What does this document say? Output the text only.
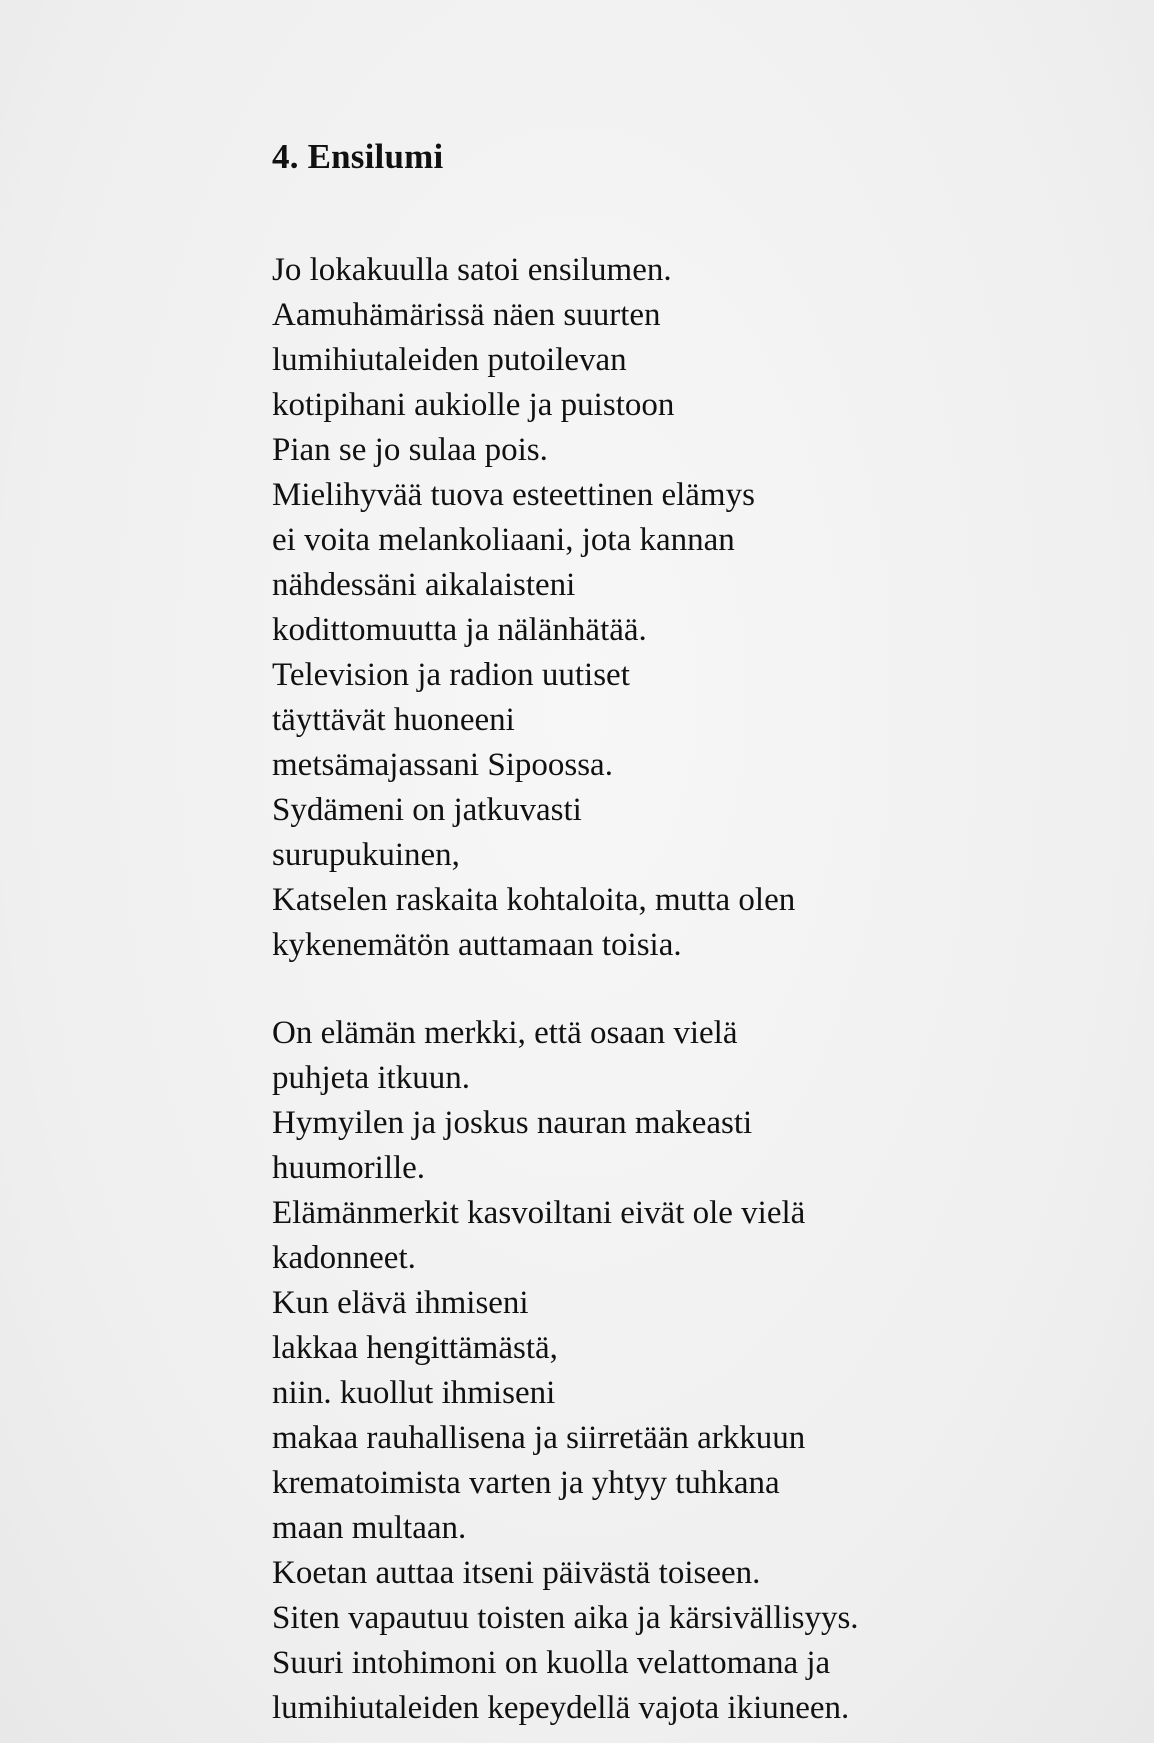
4. Ensilumi
Jo lokakuulla satoi ensilumen.
Aamuhämärissä näen suurten
lumihiutaleiden putoilevan
kotipihani aukiolle ja puistoon
Pian se jo sulaa pois.
Mielihyvää tuova esteettinen elämys
ei voita melankoliaani, jota kannan
nähdessäni aikalaisteni
kodittomuutta ja nälänhätää.
Television ja radion uutiset
täyttävät huoneeni
metsämajassani Sipoossa.
Sydämeni on jatkuvasti
surupukuinen,
Katselen raskaita kohtaloita, mutta olen
kykenemätön auttamaan toisia.
On elämän merkki, että osaan vielä
puhjeta itkuun.
Hymyilen ja joskus nauran makeasti
huumorille.
Elämänmerkit kasvoiltani eivät ole vielä
kadonneet.
Kun elävä ihmiseni
lakkaa hengittämästä,
niin. kuollut ihmiseni
makaa rauhallisena ja siirretään arkkuun
krematoimista varten ja yhtyy tuhkana
maan multaan.
Koetan auttaa itseni päivästä toiseen.
Siten vapautuu toisten aika ja kärsivällisyys.
Suuri intohimoni on kuolla velattomana ja
lumihiutaleiden kepeydellä vajota ikiuneen.
